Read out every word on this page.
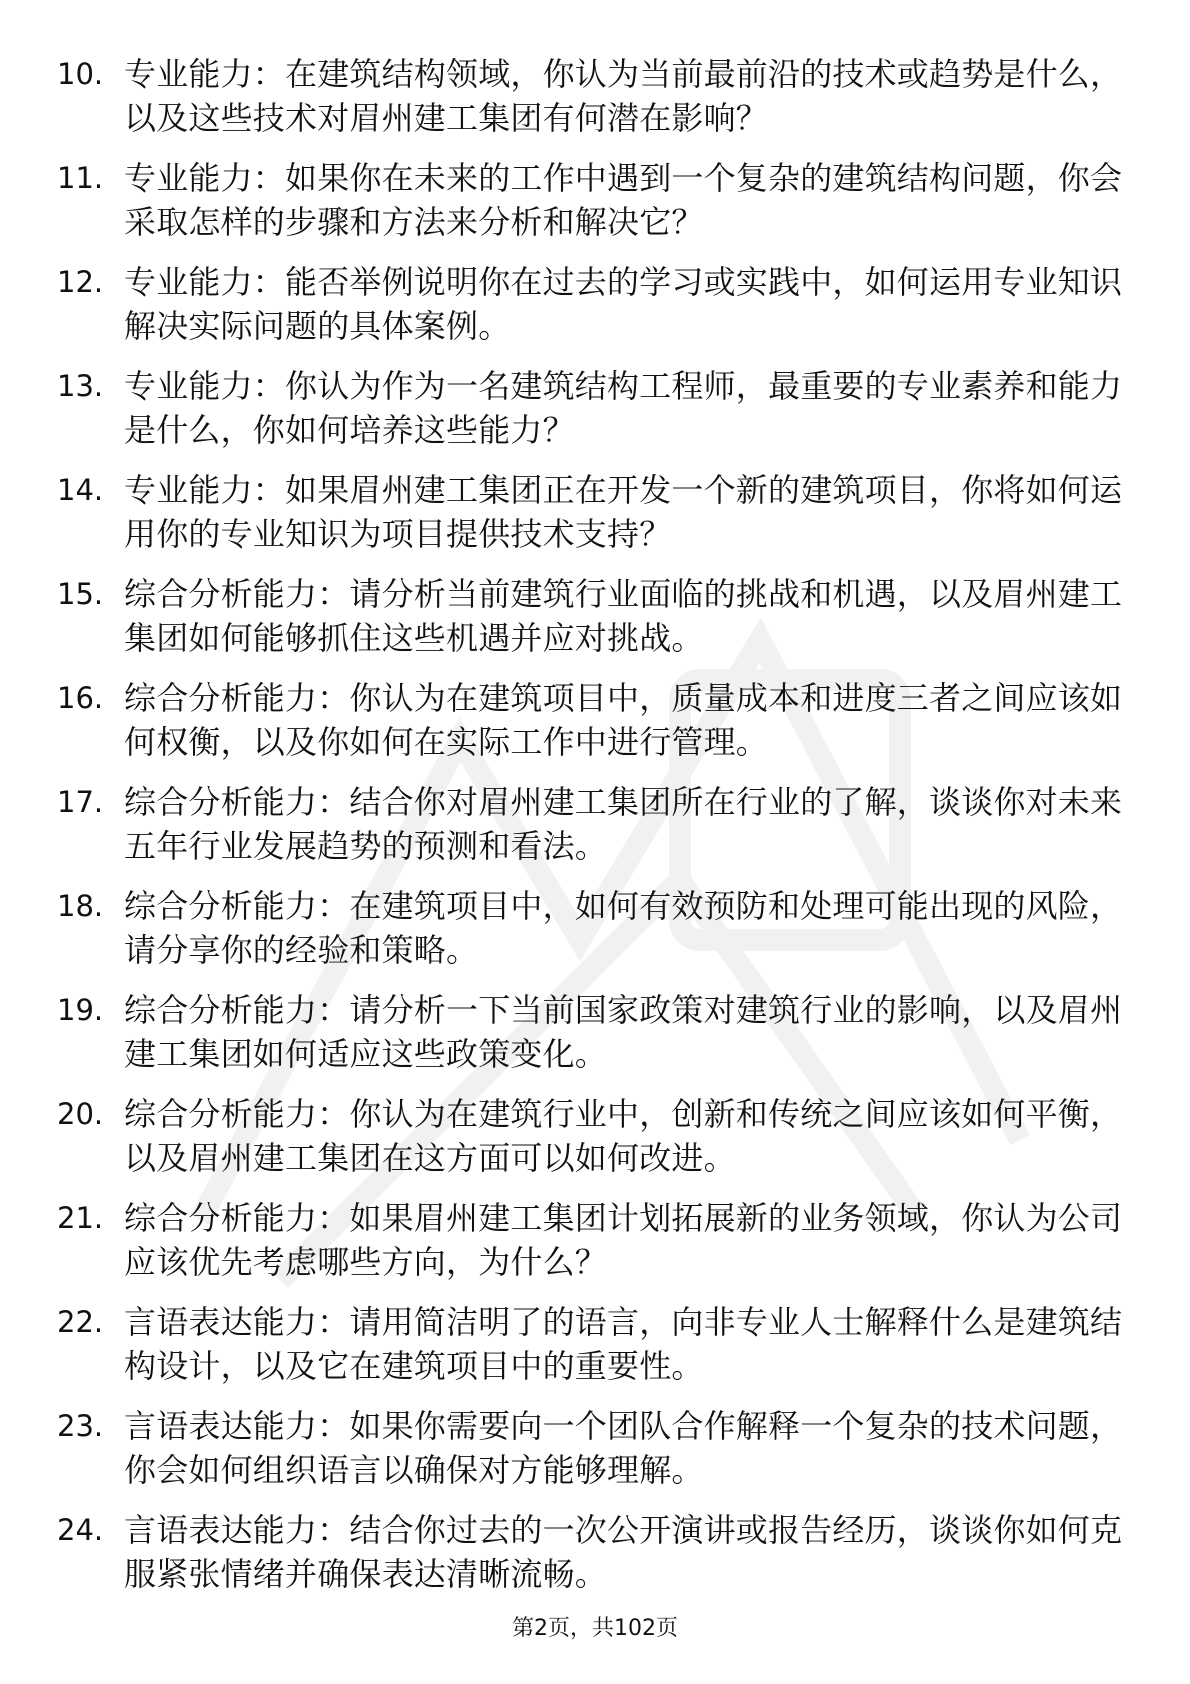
10. 专业能力：在建筑结构领域，你认为当前最前沿的技术或趋势是什么，以及这些技术对眉州建工集团有何潜在影响？
11. 专业能力：如果你在未来的工作中遇到一个复杂的建筑结构问题，你会采取怎样的步骤和方法来分析和解决它？
12. 专业能力：能否举例说明你在过去的学习或实践中，如何运用专业知识解决实际问题的具体案例。
13. 专业能力：你认为作为一名建筑结构工程师，最重要的专业素养和能力是什么，你如何培养这些能力？
14. 专业能力：如果眉州建工集团正在开发一个新的建筑项目，你将如何运用你的专业知识为项目提供技术支持？
15. 综合分析能力：请分析当前建筑行业面临的挑战和机遇，以及眉州建工集团如何能够抓住这些机遇并应对挑战。
16. 综合分析能力：你认为在建筑项目中，质量成本和进度三者之间应该如何权衡，以及你如何在实际工作中进行管理。
17. 综合分析能力：结合你对眉州建工集团所在行业的了解，谈谈你对未来五年行业发展趋势的预测和看法。
18. 综合分析能力：在建筑项目中，如何有效预防和处理可能出现的风险，请分享你的经验和策略。
19. 综合分析能力：请分析一下当前国家政策对建筑行业的影响，以及眉州建工集团如何适应这些政策变化。
20. 综合分析能力：你认为在建筑行业中，创新和传统之间应该如何平衡，以及眉州建工集团在这方面可以如何改进。
21. 综合分析能力：如果眉州建工集团计划拓展新的业务领域，你认为公司应该优先考虑哪些方向，为什么？
22. 言语表达能力：请用简洁明了的语言，向非专业人士解释什么是建筑结构设计，以及它在建筑项目中的重要性。
23. 言语表达能力：如果你需要向一个团队合作解释一个复杂的技术问题，你会如何组织语言以确保对方能够理解。
24. 言语表达能力：结合你过去的一次公开演讲或报告经历，谈谈你如何克服紧张情绪并确保表达清晰流畅。
第2页，共102页
